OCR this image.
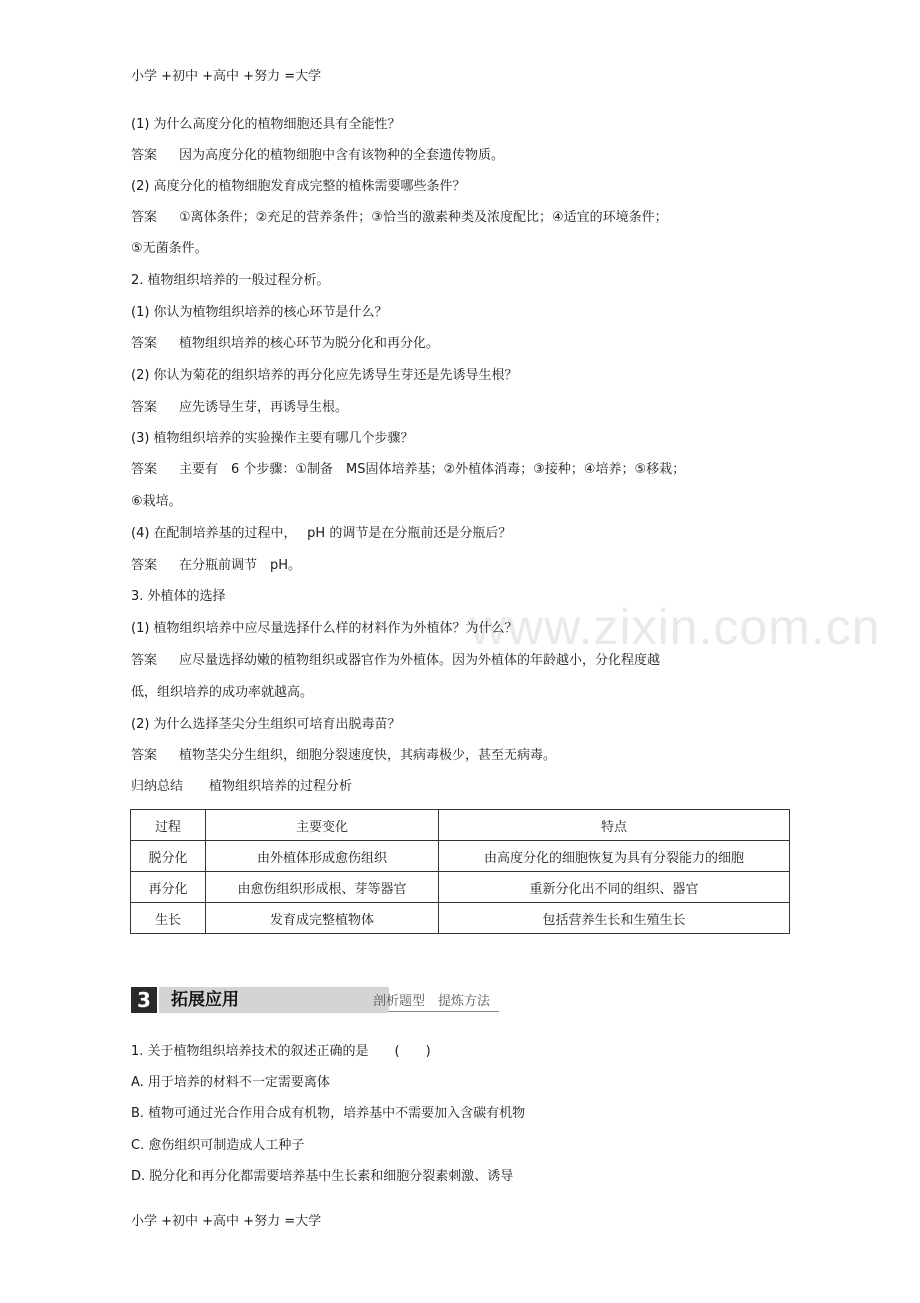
www.zixin.com.cn
小学 +初中 +高中 +努力 =大学
(1) 为什么高度分化的植物细胞还具有全能性？
答案 因为高度分化的植物细胞中含有该物种的全套遗传物质。
(2) 高度分化的植物细胞发育成完整的植株需要哪些条件？
答案 ①离体条件；②充足的营养条件；③恰当的激素种类及浓度配比；④适宜的环境条件；
⑤无菌条件。
2. 植物组织培养的一般过程分析。
(1) 你认为植物组织培养的核心环节是什么？
答案 植物组织培养的核心环节为脱分化和再分化。
(2) 你认为菊花的组织培养的再分化应先诱导生芽还是先诱导生根？
答案 应先诱导生芽，再诱导生根。
(3) 植物组织培养的实验操作主要有哪几个步骤？
答案 主要有　6 个步骤：①制备　MS固体培养基；②外植体消毒；③接种；④培养；⑤移栽；
⑥栽培。
(4) 在配制培养基的过程中，　 pH 的调节是在分瓶前还是分瓶后？
答案 在分瓶前调节　pH。
3. 外植体的选择
(1) 植物组织培养中应尽量选择什么样的材料作为外植体？为什么？
答案 应尽量选择幼嫩的植物组织或器官作为外植体。因为外植体的年龄越小，分化程度越
低，组织培养的成功率就越高。
(2) 为什么选择茎尖分生组织可培育出脱毒苗？
答案 植物茎尖分生组织，细胞分裂速度快，其病毒极少，甚至无病毒。
归纳总结　　植物组织培养的过程分析
过程	主要变化	特点
脱分化	由外植体形成愈伤组织	由高度分化的细胞恢复为具有分裂能力的细胞
再分化	由愈伤组织形成根、芽等器官	重新分化出不同的组织、器官
生长	发育成完整植物体	包括营养生长和生殖生长
3	拓展应用	剖析题型　提炼方法
1. 关于植物组织培养技术的叙述正确的是　　(　　)
A. 用于培养的材料不一定需要离体
B. 植物可通过光合作用合成有机物，培养基中不需要加入含碳有机物
C. 愈伤组织可制造成人工种子
D. 脱分化和再分化都需要培养基中生长素和细胞分裂素刺激、诱导
小学 +初中 +高中 +努力 =大学
